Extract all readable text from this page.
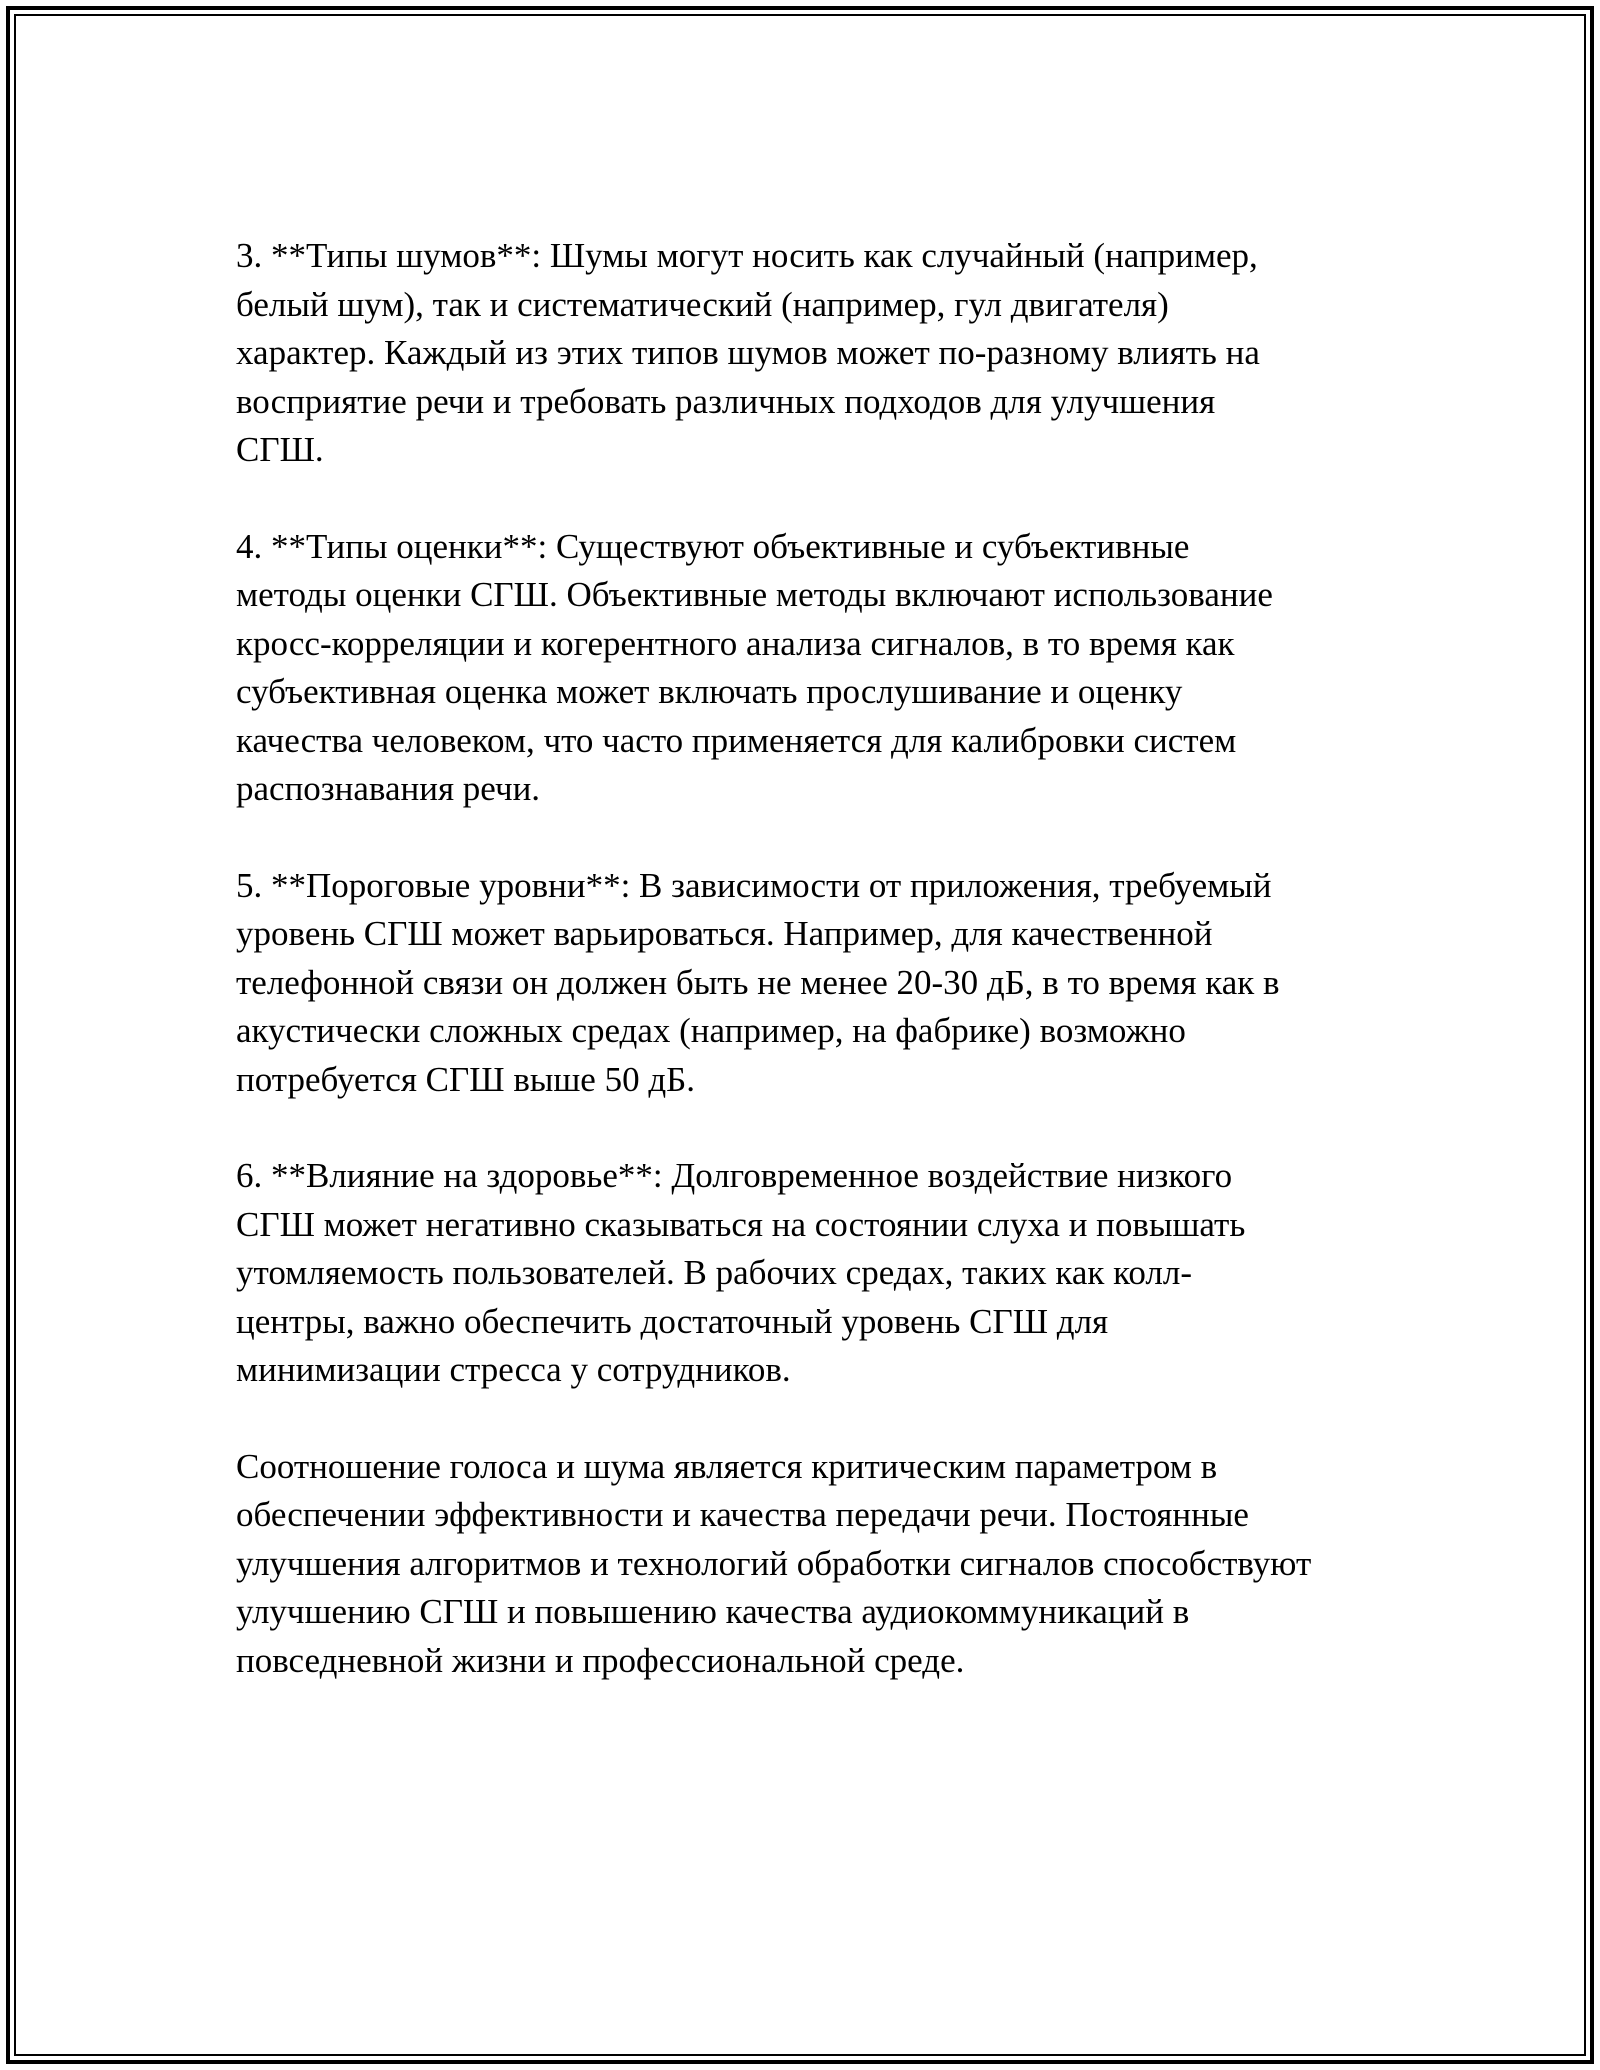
3. **Типы шумов**: Шумы могут носить как случайный (например,
белый шум), так и систематический (например, гул двигателя)
характер. Каждый из этих типов шумов может по-разному влиять на
восприятие речи и требовать различных подходов для улучшения
СГШ.

4. **Типы оценки**: Существуют объективные и субъективные
методы оценки СГШ. Объективные методы включают использование
кросс-корреляции и когерентного анализа сигналов, в то время как
субъективная оценка может включать прослушивание и оценку
качества человеком, что часто применяется для калибровки систем
распознавания речи.

5. **Пороговые уровни**: В зависимости от приложения, требуемый
уровень СГШ может варьироваться. Например, для качественной
телефонной связи он должен быть не менее 20-30 дБ, в то время как в
акустически сложных средах (например, на фабрике) возможно
потребуется СГШ выше 50 дБ.

6. **Влияние на здоровье**: Долговременное воздействие низкого
СГШ может негативно сказываться на состоянии слуха и повышать
утомляемость пользователей. В рабочих средах, таких как колл-
центры, важно обеспечить достаточный уровень СГШ для
минимизации стресса у сотрудников.

Соотношение голоса и шума является критическим параметром в
обеспечении эффективности и качества передачи речи. Постоянные
улучшения алгоритмов и технологий обработки сигналов способствуют
улучшению СГШ и повышению качества аудиокоммуникаций в
повседневной жизни и профессиональной среде.
